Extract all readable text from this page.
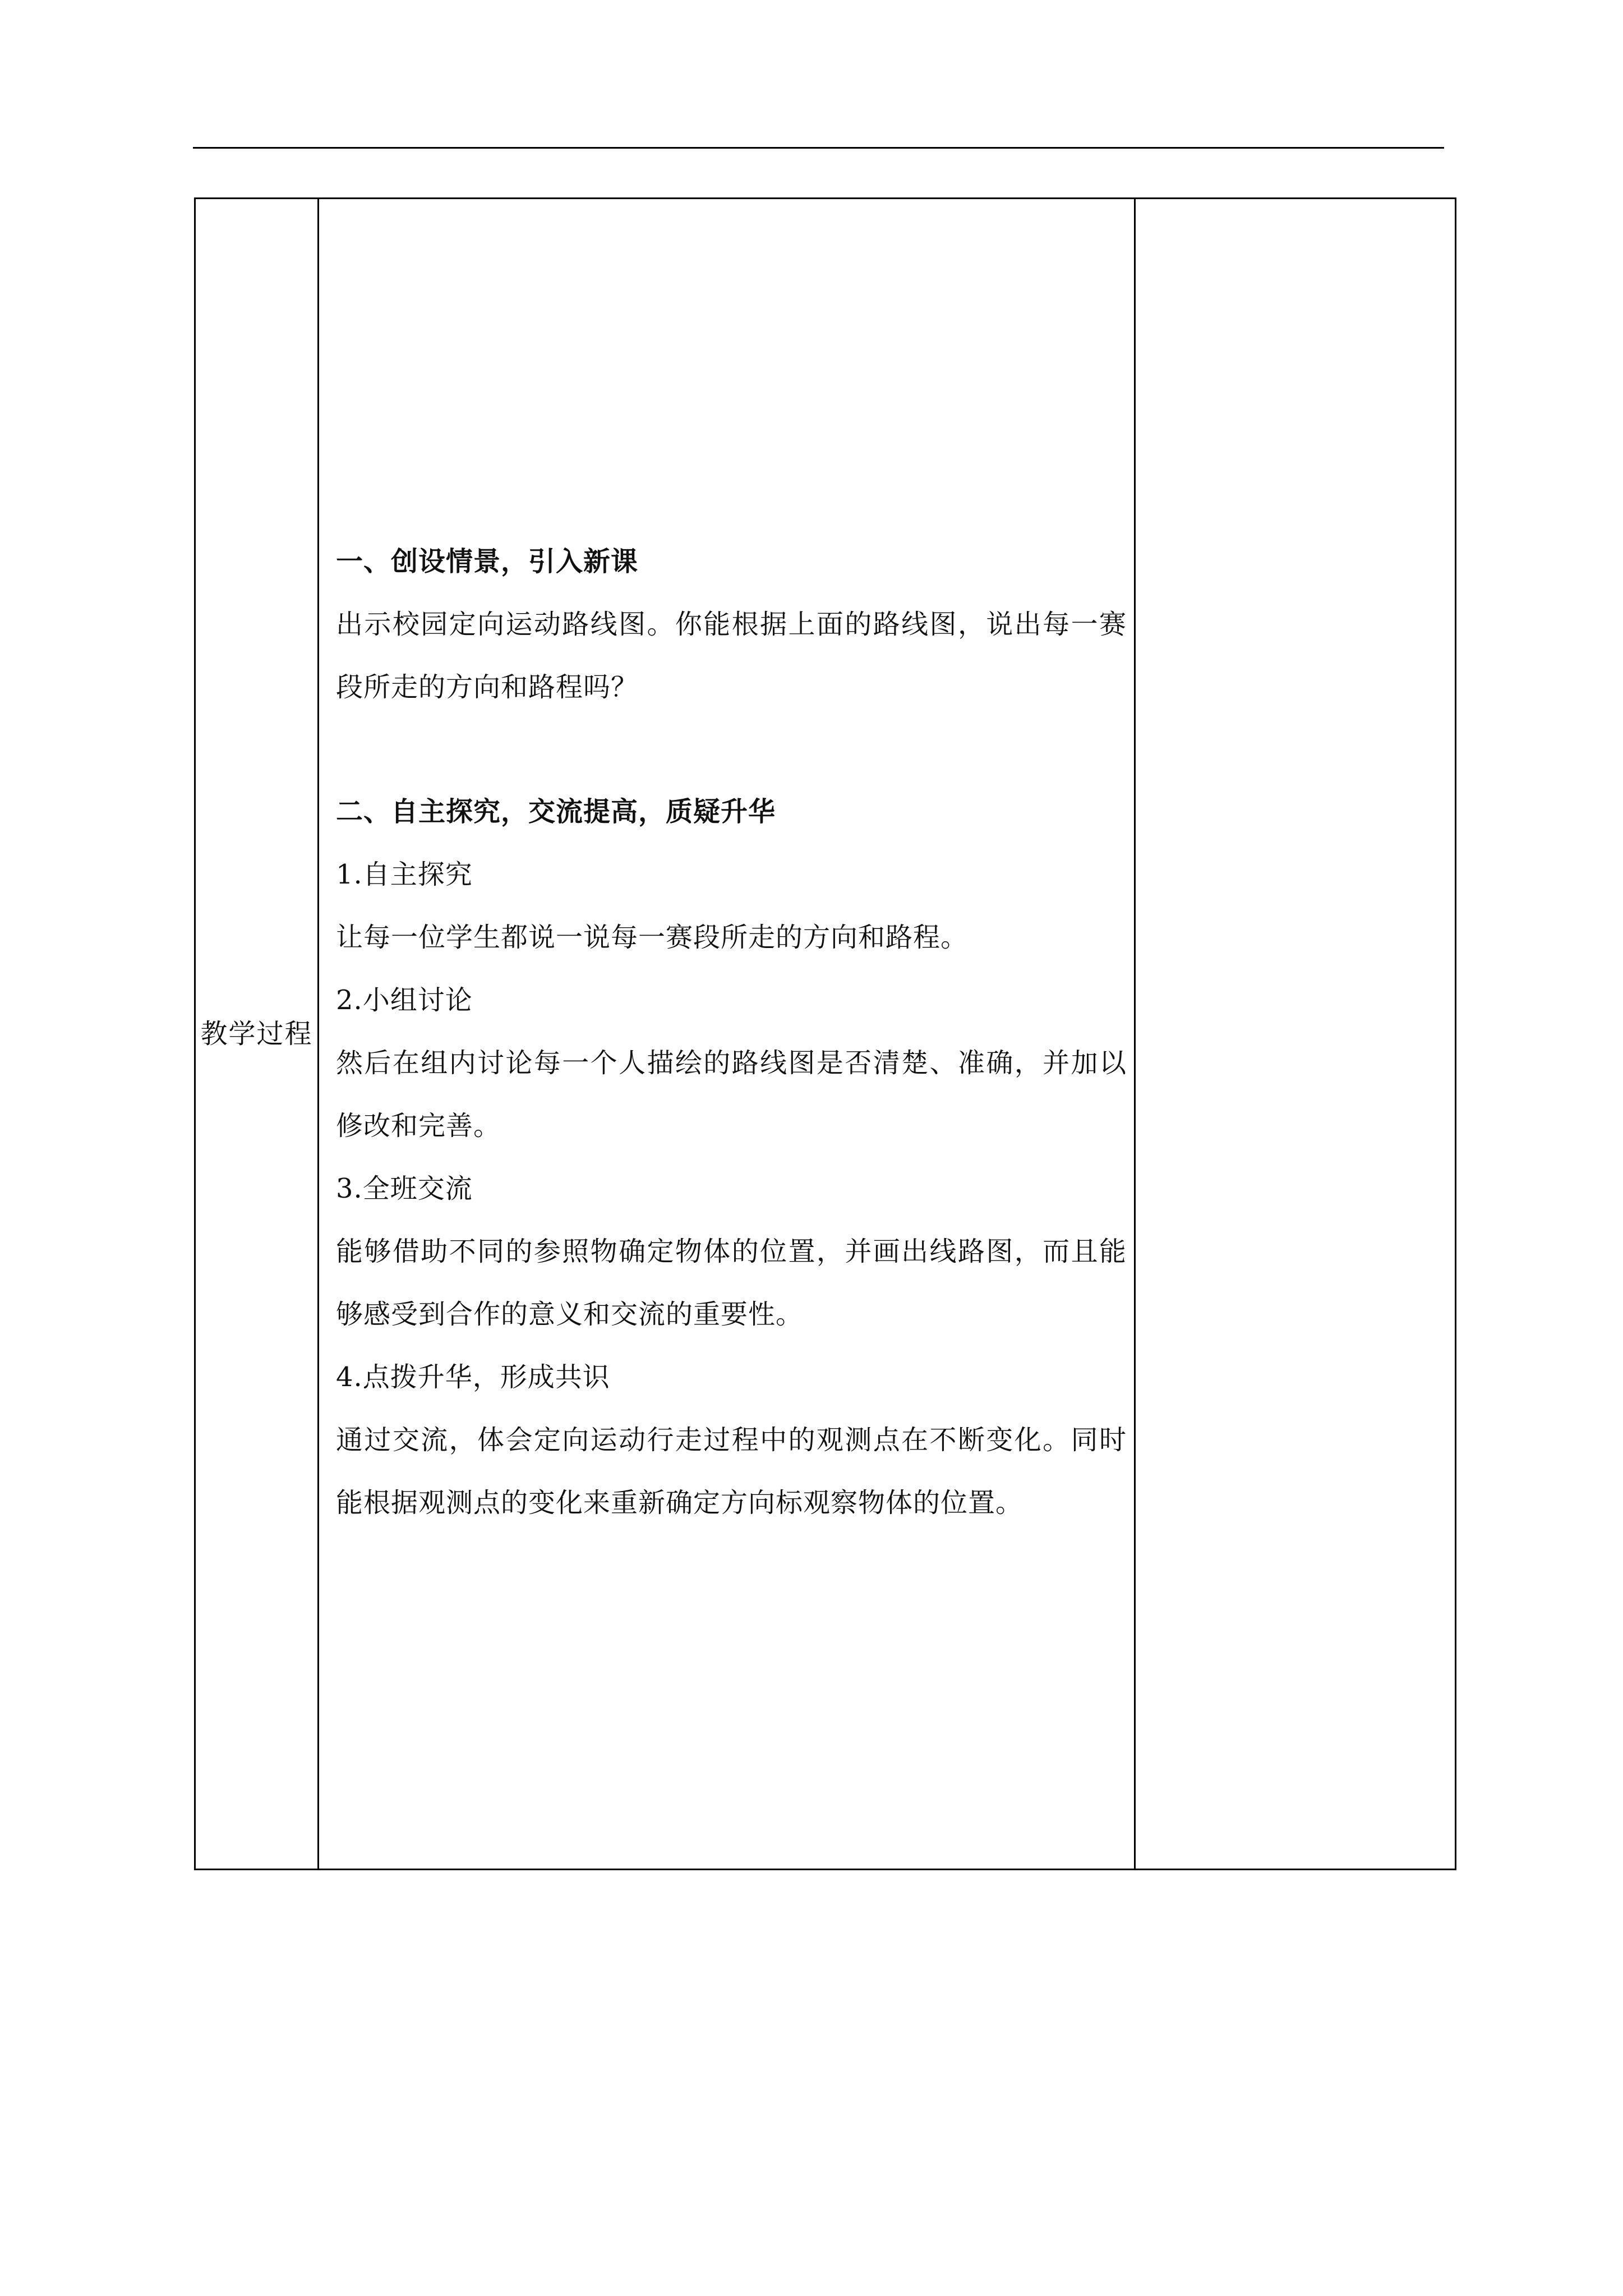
教学过程

一、创设情景，引入新课
出示校园定向运动路线图。你能根据上面的路线图，说出每一赛段所走的方向和路程吗？
二、自主探究，交流提高，质疑升华
1.自主探究
让每一位学生都说一说每一赛段所走的方向和路程。
2.小组讨论
然后在组内讨论每一个人描绘的路线图是否清楚、准确，并加以修改和完善。
3.全班交流
能够借助不同的参照物确定物体的位置，并画出线路图，而且能够感受到合作的意义和交流的重要性。
4.点拨升华，形成共识
通过交流，体会定向运动行走过程中的观测点在不断变化。同时能根据观测点的变化来重新确定方向标观察物体的位置。
